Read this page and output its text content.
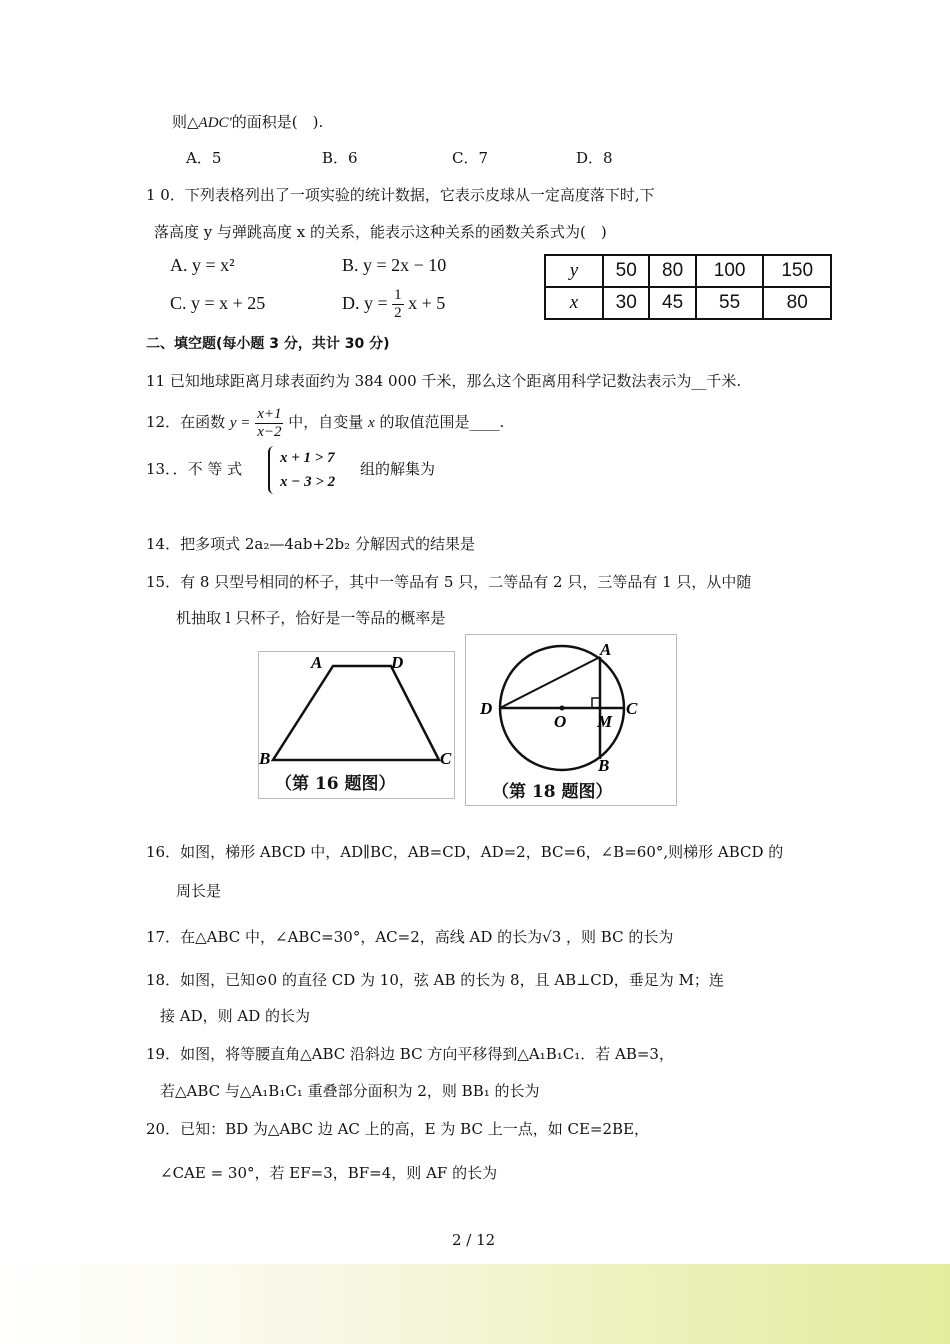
则△ADC'的面积是(　).
A．5	B．6	C．7	D．8
1 0．下列表格列出了一项实验的统计数据，它表示皮球从一定高度落下时,下
落高度 y 与弹跳高度 x 的关系，能表示这种关系的函数关系式为(　)
A. y = x²	B. y = 2x − 10
C. y = x + 25	D. $y = \frac{1}{2}$ x + 5
y	50	80	100	150
x	30	45	55	80
二、填空题(每小题 3 分，共计 30 分)
11 已知地球距离月球表面约为 384 000 千米，那么这个距离用科学记数法表示为__千米.
12．在函数 $y = \frac{x+1}{x-2}$ 中，自变量 x 的取值范围是____.
13．．不 等 式
x + 1 > 7
x − 3 > 2
组的解集为
14．把多项式 2a₂—4ab+2b₂ 分解因式的结果是
15．有 8 只型号相同的杯子，其中一等品有 5 只，二等品有 2 只，三等品有 1 只，从中随
机抽取 l 只杯子，恰好是一等品的概率是
A	D
B	C
（第 16 题图）
A
D
O M
C
B
（第 18 题图）
16．如图，梯形 ABCD 中，AD∥BC，AB=CD，AD=2，BC=6，∠B=60°,则梯形 ABCD 的
周长是
17．在△ABC 中，∠ABC=30°，AC=2，高线 AD 的长为√3 ，则 BC 的长为
18．如图，已知⊙0 的直径 CD 为 10，弦 AB 的长为 8，且 AB⊥CD，垂足为 M；连
接 AD，则 AD 的长为
19．如图，将等腰直角△ABC 沿斜边 BC 方向平移得到△A₁B₁C₁．若 AB=3，
若△ABC 与△A₁B₁C₁ 重叠部分面积为 2，则 BB₁ 的长为
20．已知：BD 为△ABC 边 AC 上的高，E 为 BC 上一点，如 CE=2BE，
∠CAE = 30°，若 EF=3，BF=4，则 AF 的长为
2 / 12
